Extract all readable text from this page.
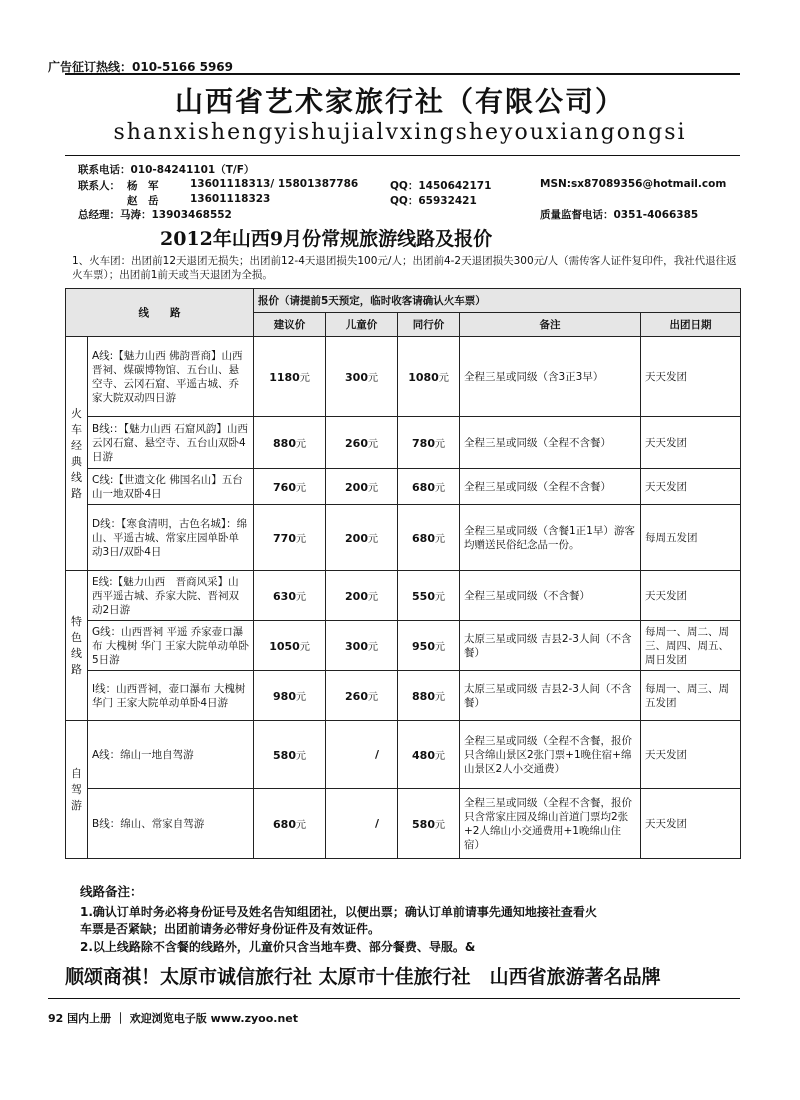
广告征订热线：010-5166 5969
山西省艺术家旅行社（有限公司）
shanxishengyishujialvxingsheyouxiangongsi
联系电话：010-84241101（T/F）
联系人： 杨　军	13601118313/ 15801387786	QQ：1450642171	MSN:sx87089356@hotmail.com
赵　岳	13601118323	QQ：65932421
总经理：马涛：13903468552	质量监督电话：0351-4066385
2012年山西9月份常规旅游线路及报价
1、火车团：出团前12天退团无损失；出团前12-4天退团损失100元/人；出团前4-2天退团损失300元/人（需传客人证件复印件，我社代退往返火车票）；出团前1前天或当天退团为全损。
线　　路		报价（请提前5天预定，临时收客请确认火车票）				
		建议价	儿童价	同行价	备注	出团日期
火车经典线路	A线:【魅力山西 佛韵晋商】山西晋祠、煤碳博物馆、五台山、悬空寺、云冈石窟、平遥古城、乔家大院双动四日游	1180元	300元	1080元	全程三星或同级（含3正3早）	天天发团
	B线:：【魅力山西 石窟风韵】山西云冈石窟、悬空寺、五台山双卧4日游	880元	260元	780元	全程三星或同级（全程不含餐）	天天发团
	C线:【世遗文化 佛国名山】五台山一地双卧4日	760元	200元	680元	全程三星或同级（全程不含餐）	天天发团
	D线：【寒食清明，古色名城】：绵山、平遥古城、常家庄园单卧单动3日/双卧4日	770元	200元	680元	全程三星或同级（含餐1正1早）游客均赠送民俗纪念品一份。	每周五发团
特色线路	E线:【魅力山西　晋商风采】山西平遥古城、乔家大院、晋祠双动2日游	630元	200元	550元	全程三星或同级（不含餐）	天天发团
	G线：山西晋祠 平遥 乔家壶口瀑布 大槐树 华门 王家大院单动单卧5日游	1050元	300元	950元	太原三星或同级 吉县2-3人间（不含餐）	每周一、周二、周三、周四、周五、周日发团
	I线：山西晋祠，壶口瀑布 大槐树 华门 王家大院单动单卧4日游	980元	260元	880元	太原三星或同级 吉县2-3人间（不含餐）	每周一、周三、周五发团
自驾游	A线：绵山一地自驾游	580元	/	480元	全程三星或同级（全程不含餐，报价只含绵山景区2张门票+1晚住宿+绵山景区2人小交通费）	天天发团
	B线：绵山、常家自驾游	680元	/	580元	全程三星或同级（全程不含餐，报价只含常家庄园及绵山首道门票均2张+2人绵山小交通费用+1晚绵山住宿）	天天发团
线路备注：
1.确认订单时务必将身份证号及姓名告知组团社，以便出票；确认订单前请事先通知地接社查看火
车票是否紧缺；出团前请务必带好身份证件及有效证件。
2.以上线路除不含餐的线路外，儿童价只含当地车费、部分餐费、导服。&
顺颂商祺！太原市诚信旅行社 太原市十佳旅行社　山西省旅游著名品牌
92 国内上册 ｜ 欢迎浏览电子版 www.zyoo.net
